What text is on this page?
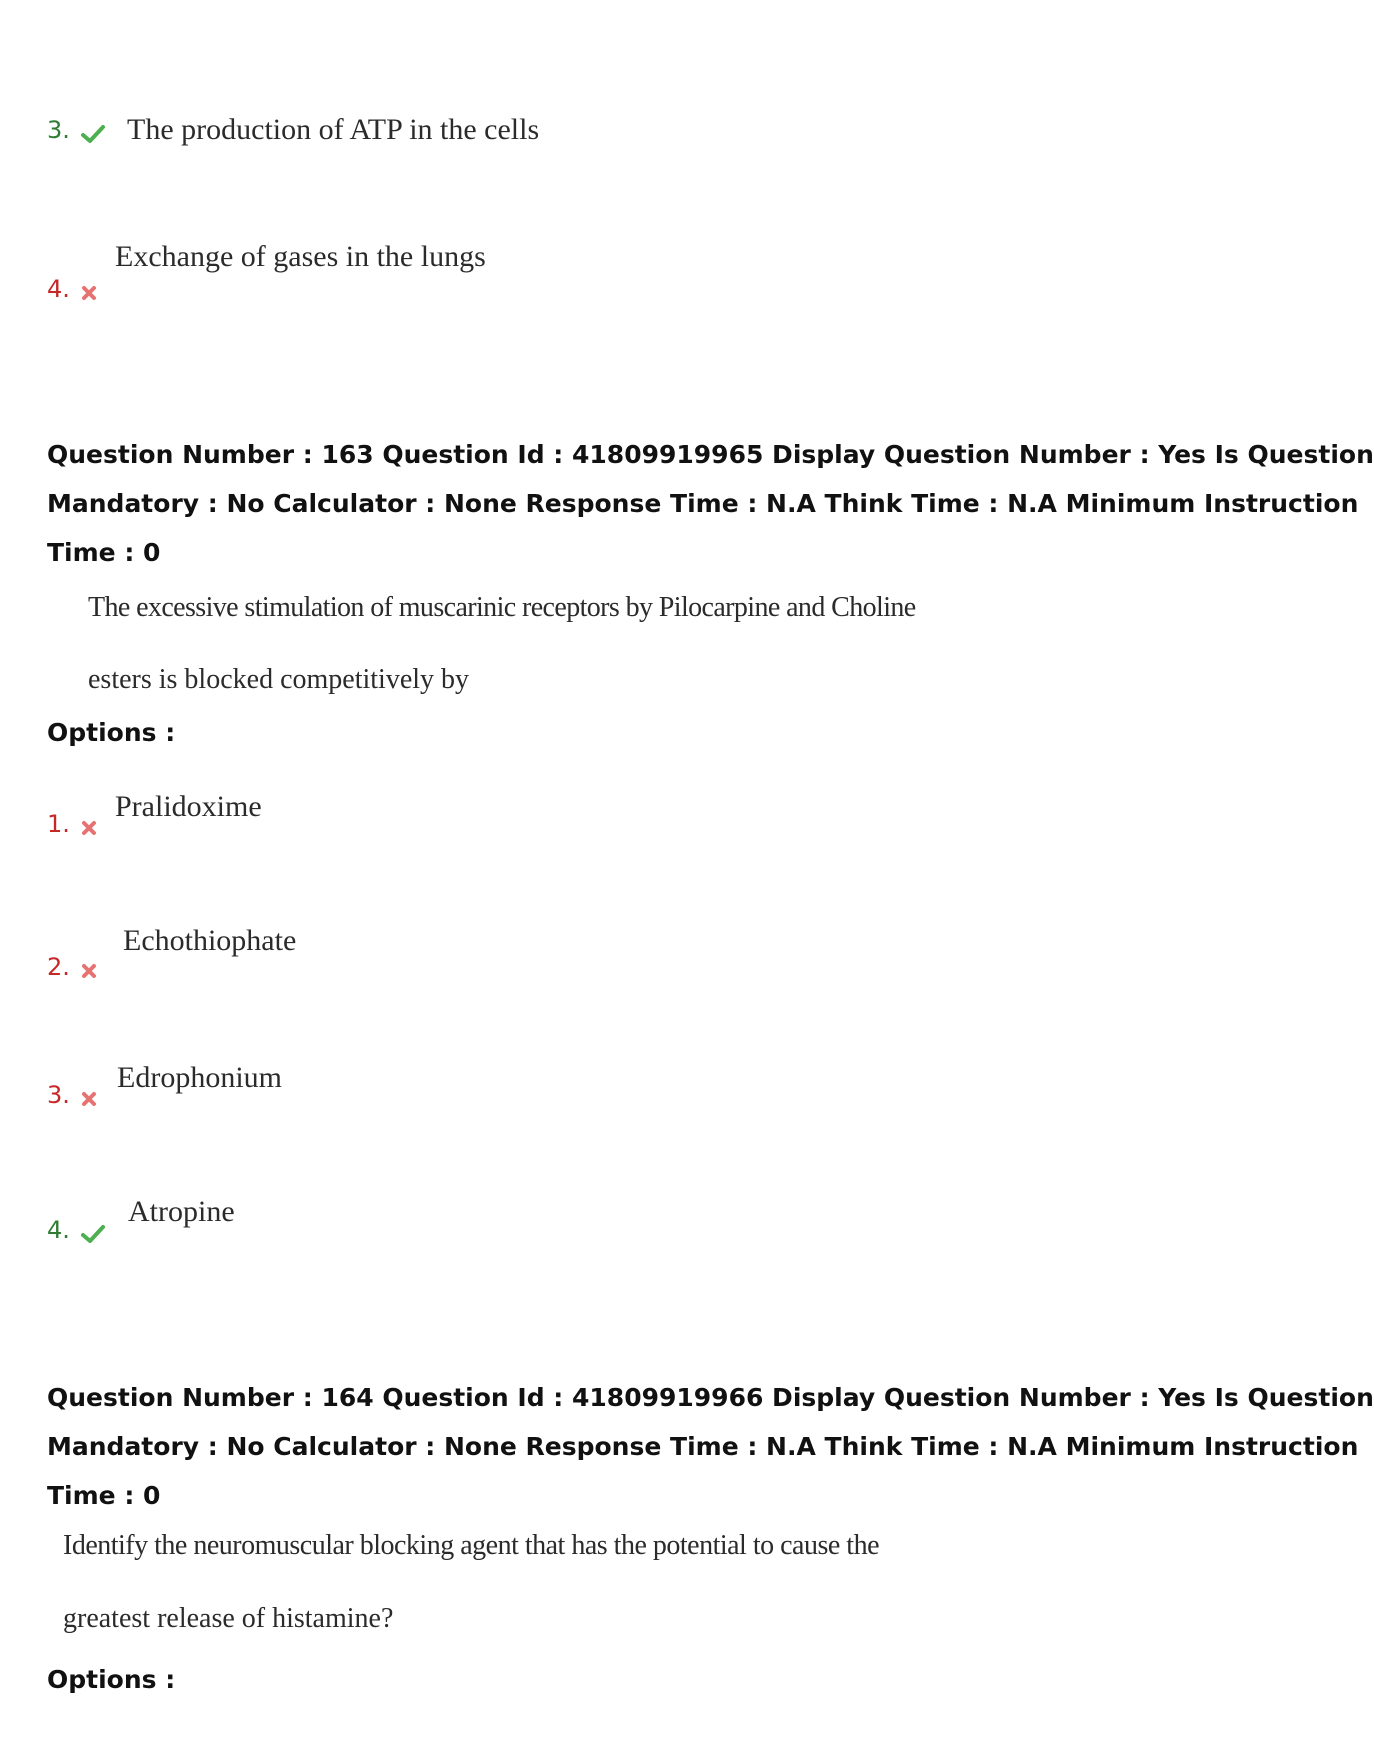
3.	The production of ATP in the cells
4.
Exchange of gases in the lungs
Question Number : 163 Question Id : 41809919965 Display Question Number : Yes Is Question
Mandatory : No Calculator : None Response Time : N.A Think Time : N.A Minimum Instruction
Time : 0
The excessive stimulation of muscarinic receptors by Pilocarpine and Choline
esters is blocked competitively by
Options :
1.
Pralidoxime
2.
Echothiophate
3.
Edrophonium
4.
Atropine
Question Number : 164 Question Id : 41809919966 Display Question Number : Yes Is Question
Mandatory : No Calculator : None Response Time : N.A Think Time : N.A Minimum Instruction
Time : 0
Identify the neuromuscular blocking agent that has the potential to cause the
greatest release of histamine?
Options :
